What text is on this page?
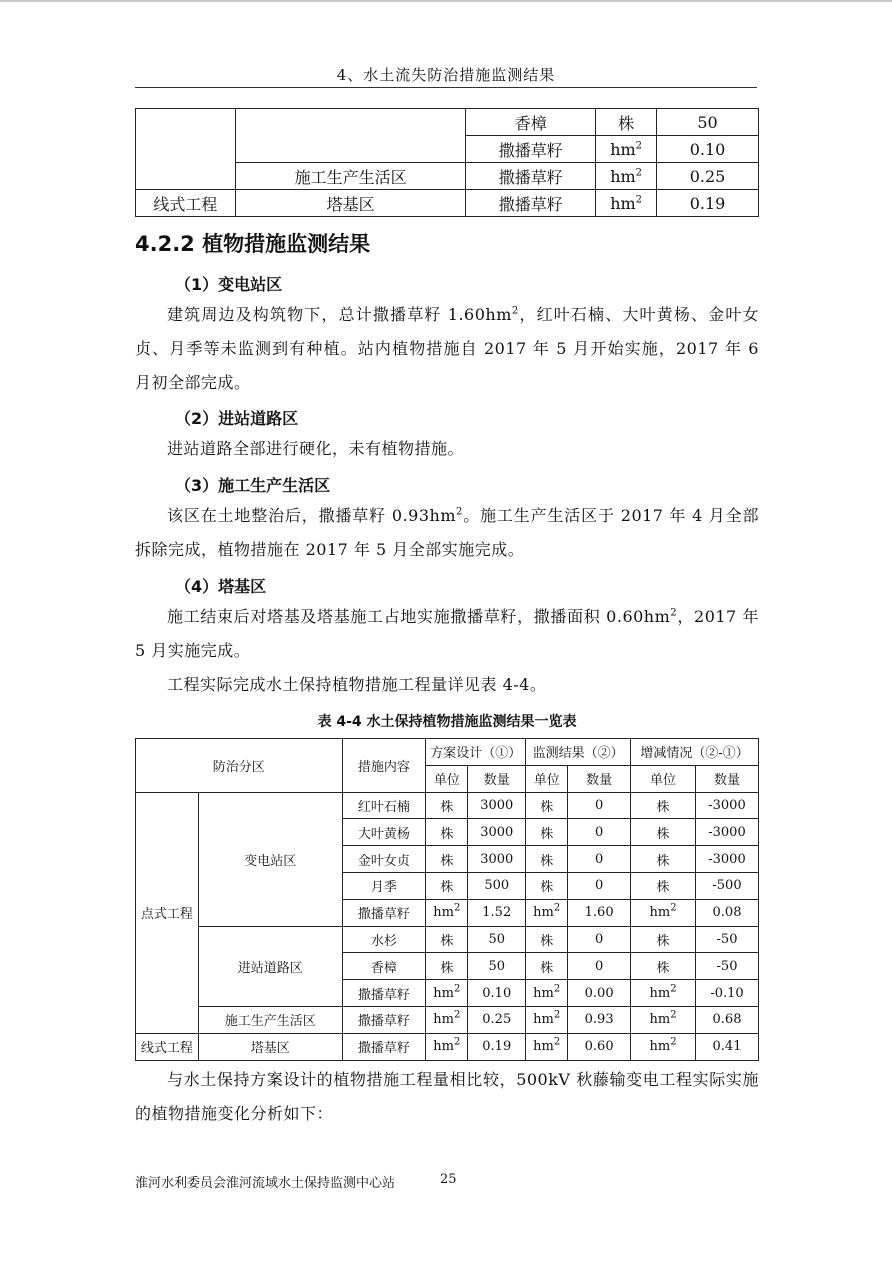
4、水土流失防治措施监测结果
		香樟	株	50
		撒播草籽	$hm^2$	0.10
	施工生产生活区	撒播草籽	$hm^2$	0.25
线式工程	塔基区	撒播草籽	$hm^2$	0.19
4.2.2 植物措施监测结果

（1）变电站区

建筑周边及构筑物下，总计撒播草籽 $1.60hm^2$，红叶石楠、大叶黄杨、金叶女贞、月季等未监测到有种植。站内植物措施自 2017 年 5 月开始实施，2017 年 6 月初全部完成。

（2）进站道路区

进站道路全部进行硬化，未有植物措施。

（3）施工生产生活区

该区在土地整治后，撒播草籽 $0.93hm^2$。施工生产生活区于 2017 年 4 月全部拆除完成，植物措施在 2017 年 5 月全部实施完成。

（4）塔基区

施工结束后对塔基及塔基施工占地实施撒播草籽，撒播面积 $0.60hm^2$，2017 年 5 月实施完成。

工程实际完成水土保持植物措施工程量详见表 4-4。

表 4-4 水土保持植物措施监测结果一览表
防治分区		措施内容	方案设计（①）		监测结果（②）		增减情况（②-①）	
			单位	数量	单位	数量	单位	数量
点式工程	变电站区	红叶石楠	株	3000	株	0	株	-3000
		大叶黄杨	株	3000	株	0	株	-3000
		金叶女贞	株	3000	株	0	株	-3000
		月季	株	500	株	0	株	-500
		撒播草籽	$hm^2$	1.52	$hm^2$	1.60	$hm^2$	0.08
	进站道路区	水杉	株	50	株	0	株	-50
		香樟	株	50	株	0	株	-50
		撒播草籽	$hm^2$	0.10	$hm^2$	0.00	$hm^2$	-0.10
	施工生产生活区	撒播草籽	$hm^2$	0.25	$hm^2$	0.93	$hm^2$	0.68
线式工程	塔基区	撒播草籽	$hm^2$	0.19	$hm^2$	0.60	$hm^2$	0.41

与水土保持方案设计的植物措施工程量相比较，500kV 秋藤输变电工程实际实施的植物措施变化分析如下：

淮河水利委员会淮河流域水土保持监测中心站	25
